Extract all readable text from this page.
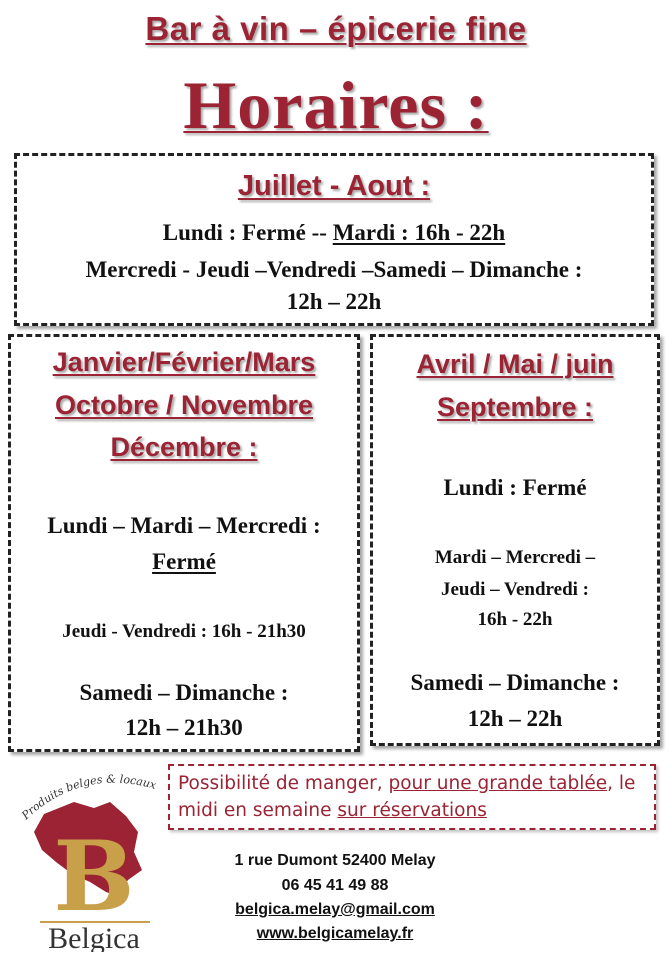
Bar à vin – épicerie fine
Horaires :
Juillet - Aout :
Lundi : Fermé -- Mardi : 16h - 22h
Mercredi - Jeudi –Vendredi –Samedi – Dimanche :
12h – 22h
Janvier/Février/Mars
Octobre / Novembre
Décembre :
Lundi – Mardi – Mercredi :
Fermé
Jeudi - Vendredi : 16h - 21h30
Samedi – Dimanche :
12h – 21h30
Avril / Mai / juin
Septembre :
Lundi : Fermé
Mardi – Mercredi –
Jeudi – Vendredi :
16h - 22h
Samedi – Dimanche :
12h – 22h
Possibilité de manger, pour une grande tablée, le midi en semaine sur réservations
Produits belges & locaux
B
Belgica
1 rue Dumont 52400 Melay
06 45 41 49 88
belgica.melay@gmail.com
www.belgicamelay.fr
